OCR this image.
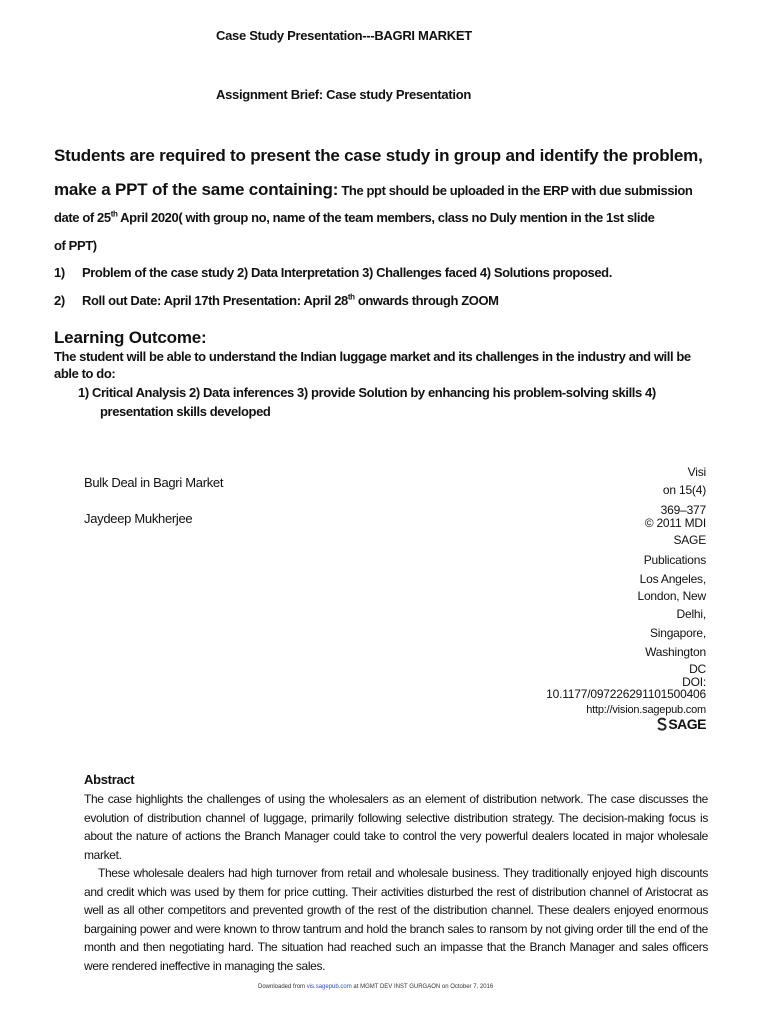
Case Study Presentation---BAGRI MARKET
Assignment Brief: Case study Presentation
Students are required to present the case study in group and identify the problem,
make a PPT of the same containing: The ppt should be uploaded in the ERP with due submission
date of 25th April 2020( with group no, name of the team members, class no Duly mention in the 1st slide
of PPT)
1) Problem of the case study 2) Data Interpretation 3) Challenges faced 4) Solutions proposed.
2) Roll out Date: April 17th Presentation: April 28th onwards through ZOOM
Learning Outcome:
The student will be able to understand the Indian luggage market and its challenges in the industry and will be
able to do:
1) Critical Analysis 2) Data inferences 3) provide Solution by enhancing his problem-solving skills 4)
presentation skills developed
Bulk Deal in Bagri Market
Jaydeep Mukherjee
Visi
on 15(4)
369–377
© 2011 MDI
SAGE
Publications
Los Angeles,
London, New
Delhi,
Singapore,
Washington
DC
DOI:
10.1177/097226291101500406
http://vision.sagepub.com
SAGE
Abstract
The case highlights the challenges of using the wholesalers as an element of distribution network. The case discusses the evolution of distribution channel of luggage, primarily following selective distribution strategy. The decision-making focus is about the nature of actions the Branch Manager could take to control the very powerful dealers located in major wholesale market.
These wholesale dealers had high turnover from retail and wholesale business. They traditionally enjoyed high discounts and credit which was used by them for price cutting. Their activities disturbed the rest of distribution channel of Aristocrat as well as all other competitors and prevented growth of the rest of the distribution channel. These dealers enjoyed enormous bargaining power and were known to throw tantrum and hold the branch sales to ransom by not giving order till the end of the month and then negotiating hard. The situation had reached such an impasse that the Branch Manager and sales officers were rendered ineffective in managing the sales.
Downloaded from vis.sagepub.com at MGMT DEV INST GURGAON on October 7, 2016
